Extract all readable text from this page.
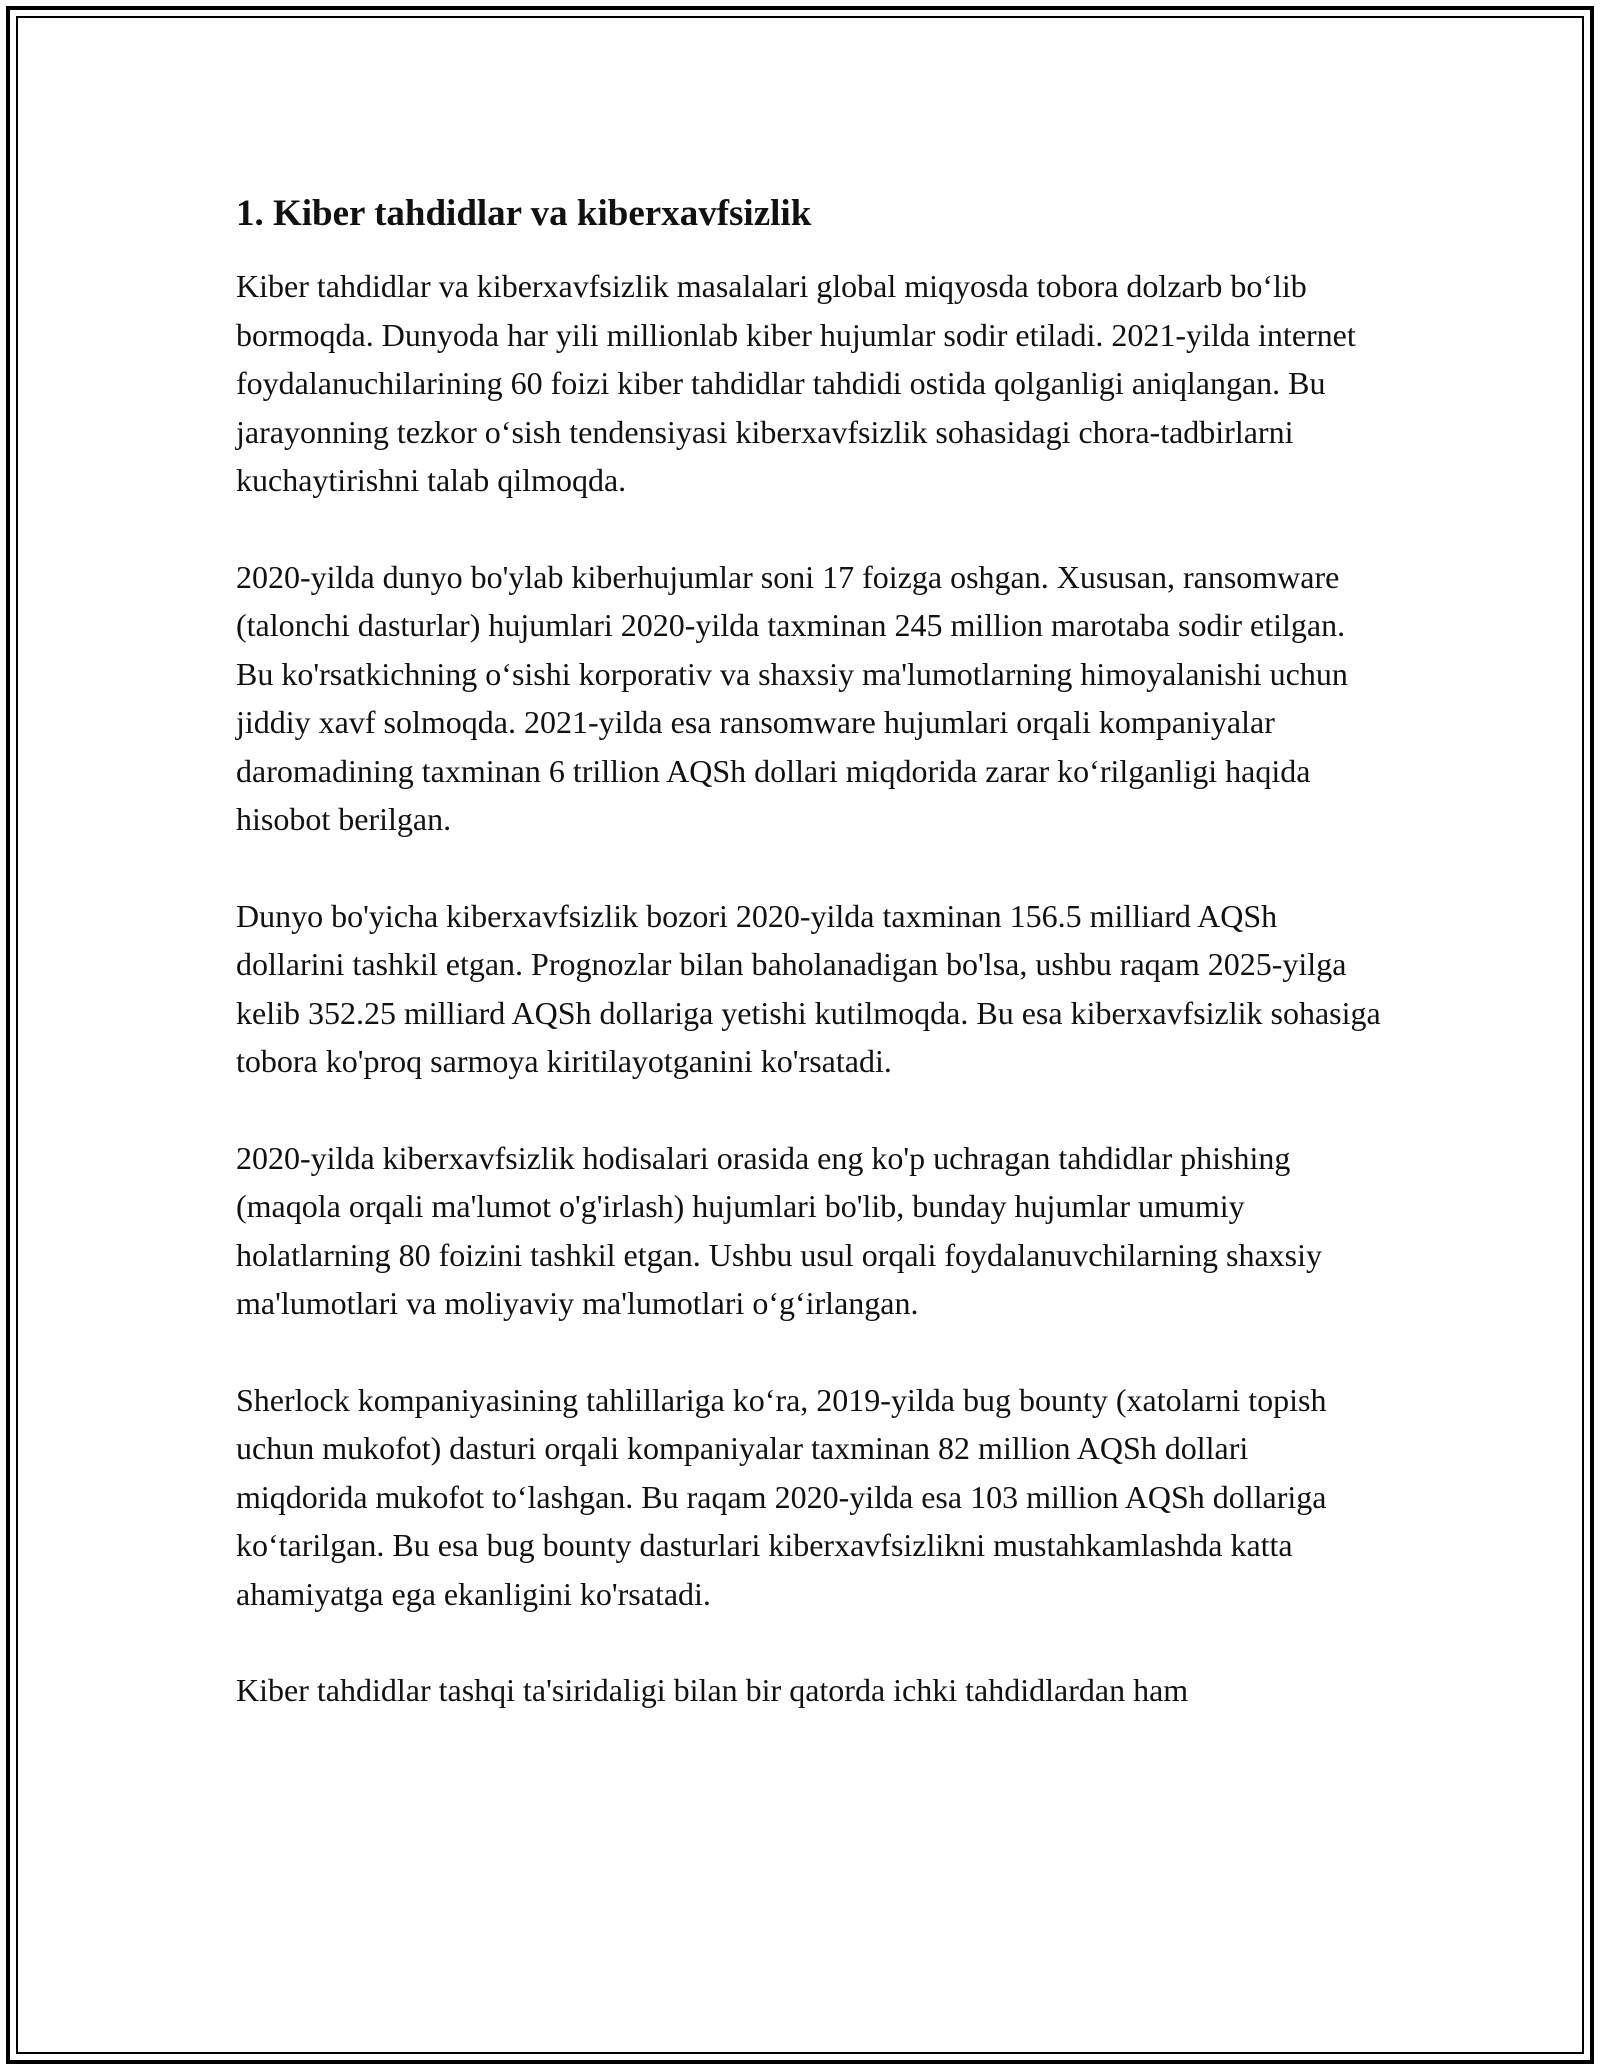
1. Kiber tahdidlar va kiberxavfsizlik

Kiber tahdidlar va kiberxavfsizlik masalalari global miqyosda tobora dolzarb boʻlib bormoqda. Dunyoda har yili millionlab kiber hujumlar sodir etiladi. 2021-yilda internet foydalanuchilarining 60 foizi kiber tahdidlar tahdidi ostida qolganligi aniqlangan. Bu jarayonning tezkor oʻsish tendensiyasi kiberxavfsizlik sohasidagi chora-tadbirlarni kuchaytirishni talab qilmoqda.

2020-yilda dunyo bo'ylab kiberhujumlar soni 17 foizga oshgan. Xususan, ransomware (talonchi dasturlar) hujumlari 2020-yilda taxminan 245 million marotaba sodir etilgan. Bu ko'rsatkichning oʻsishi korporativ va shaxsiy ma'lumotlarning himoyalanishi uchun jiddiy xavf solmoqda. 2021-yilda esa ransomware hujumlari orqali kompaniyalar daromadining taxminan 6 trillion AQSh dollari miqdorida zarar koʻrilganligi haqida hisobot berilgan.

Dunyo bo'yicha kiberxavfsizlik bozori 2020-yilda taxminan 156.5 milliard AQSh dollarini tashkil etgan. Prognozlar bilan baholanadigan bo'lsa, ushbu raqam 2025-yilga kelib 352.25 milliard AQSh dollariga yetishi kutilmoqda. Bu esa kiberxavfsizlik sohasiga tobora ko'proq sarmoya kiritilayotganini ko'rsatadi.

2020-yilda kiberxavfsizlik hodisalari orasida eng ko'p uchragan tahdidlar phishing (maqola orqali ma'lumot o'g'irlash) hujumlari bo'lib, bunday hujumlar umumiy holatlarning 80 foizini tashkil etgan. Ushbu usul orqali foydalanuvchilarning shaxsiy ma'lumotlari va moliyaviy ma'lumotlari oʻgʻirlangan.

Sherlock kompaniyasining tahlillariga koʻra, 2019-yilda bug bounty (xatolarni topish uchun mukofot) dasturi orqali kompaniyalar taxminan 82 million AQSh dollari miqdorida mukofot toʻlashgan. Bu raqam 2020-yilda esa 103 million AQSh dollariga koʻtarilgan. Bu esa bug bounty dasturlari kiberxavfsizlikni mustahkamlashda katta ahamiyatga ega ekanligini ko'rsatadi.

Kiber tahdidlar tashqi ta'siridaligi bilan bir qatorda ichki tahdidlardan ham
